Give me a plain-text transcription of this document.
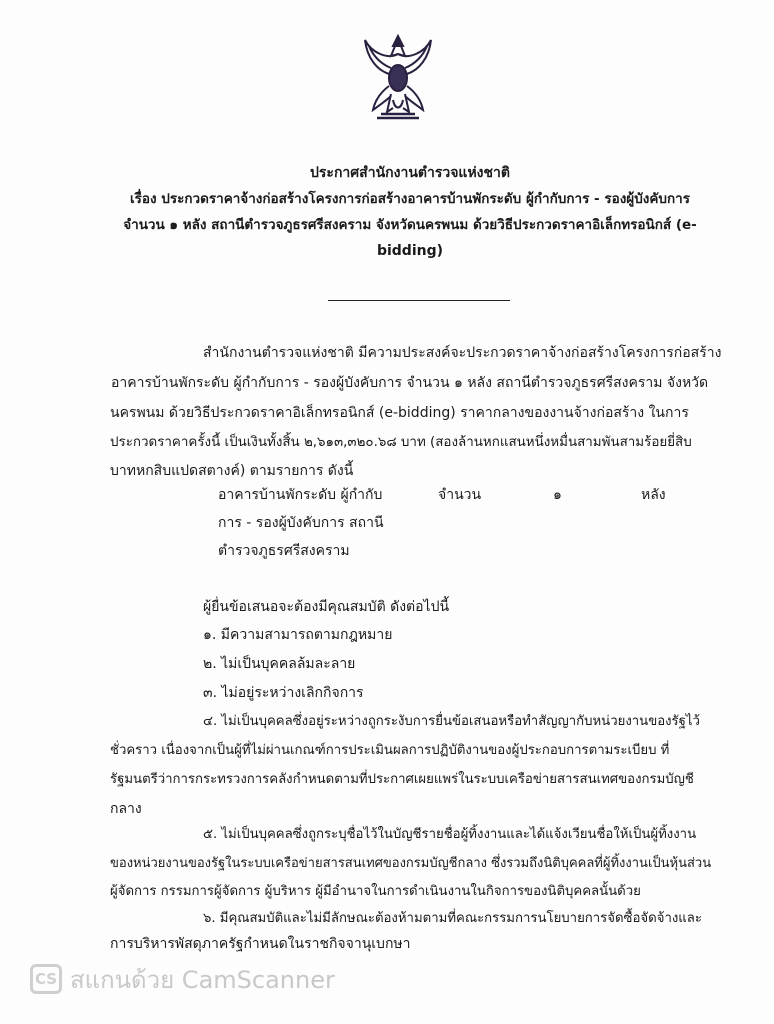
ประกาศสำนักงานตำรวจแห่งชาติ
เรื่อง ประกวดราคาจ้างก่อสร้างโครงการก่อสร้างอาคารบ้านพักระดับ ผู้กำกับการ - รองผู้บังคับการ
จำนวน ๑ หลัง สถานีตำรวจภูธรศรีสงคราม จังหวัดนครพนม ด้วยวิธีประกวดราคาอิเล็กทรอนิกส์ (e-
bidding)
สำนักงานตำรวจแห่งชาติ มีความประสงค์จะประกวดราคาจ้างก่อสร้างโครงการก่อสร้าง
อาคารบ้านพักระดับ ผู้กำกับการ - รองผู้บังคับการ จำนวน ๑ หลัง สถานีตำรวจภูธรศรีสงคราม จังหวัด
นครพนม ด้วยวิธีประกวดราคาอิเล็กทรอนิกส์ (e-bidding) ราคากลางของงานจ้างก่อสร้าง ในการ
ประกวดราคาครั้งนี้ เป็นเงินทั้งสิ้น ๒,๖๑๓,๓๒๐.๖๘ บาท (สองล้านหกแสนหนึ่งหมื่นสามพันสามร้อยยี่สิบ
บาทหกสิบแปดสตางค์) ตามรายการ ดังนี้
อาคารบ้านพักระดับ ผู้กำกับ
การ - รองผู้บังคับการ สถานี
ตำรวจภูธรศรีสงคราม
จำนวน	๑	หลัง
ผู้ยื่นข้อเสนอจะต้องมีคุณสมบัติ ดังต่อไปนี้
๑. มีความสามารถตามกฎหมาย
๒. ไม่เป็นบุคคลล้มละลาย
๓. ไม่อยู่ระหว่างเลิกกิจการ
๔. ไม่เป็นบุคคลซึ่งอยู่ระหว่างถูกระงับการยื่นข้อเสนอหรือทำสัญญากับหน่วยงานของรัฐไว้
ชั่วคราว เนื่องจากเป็นผู้ที่ไม่ผ่านเกณฑ์การประเมินผลการปฏิบัติงานของผู้ประกอบการตามระเบียบ ที่
รัฐมนตรีว่าการกระทรวงการคลังกำหนดตามที่ประกาศเผยแพร่ในระบบเครือข่ายสารสนเทศของกรมบัญชี
กลาง
๕. ไม่เป็นบุคคลซึ่งถูกระบุชื่อไว้ในบัญชีรายชื่อผู้ทิ้งงานและได้แจ้งเวียนชื่อให้เป็นผู้ทิ้งงาน
ของหน่วยงานของรัฐในระบบเครือข่ายสารสนเทศของกรมบัญชีกลาง ซึ่งรวมถึงนิติบุคคลที่ผู้ทิ้งงานเป็นหุ้นส่วน
ผู้จัดการ กรรมการผู้จัดการ ผู้บริหาร ผู้มีอำนาจในการดำเนินงานในกิจการของนิติบุคคลนั้นด้วย
๖. มีคุณสมบัติและไม่มีลักษณะต้องห้ามตามที่คณะกรรมการนโยบายการจัดซื้อจัดจ้างและ
การบริหารพัสดุภาครัฐกำหนดในราชกิจจานุเบกษา
CS สแกนด้วย CamScanner
